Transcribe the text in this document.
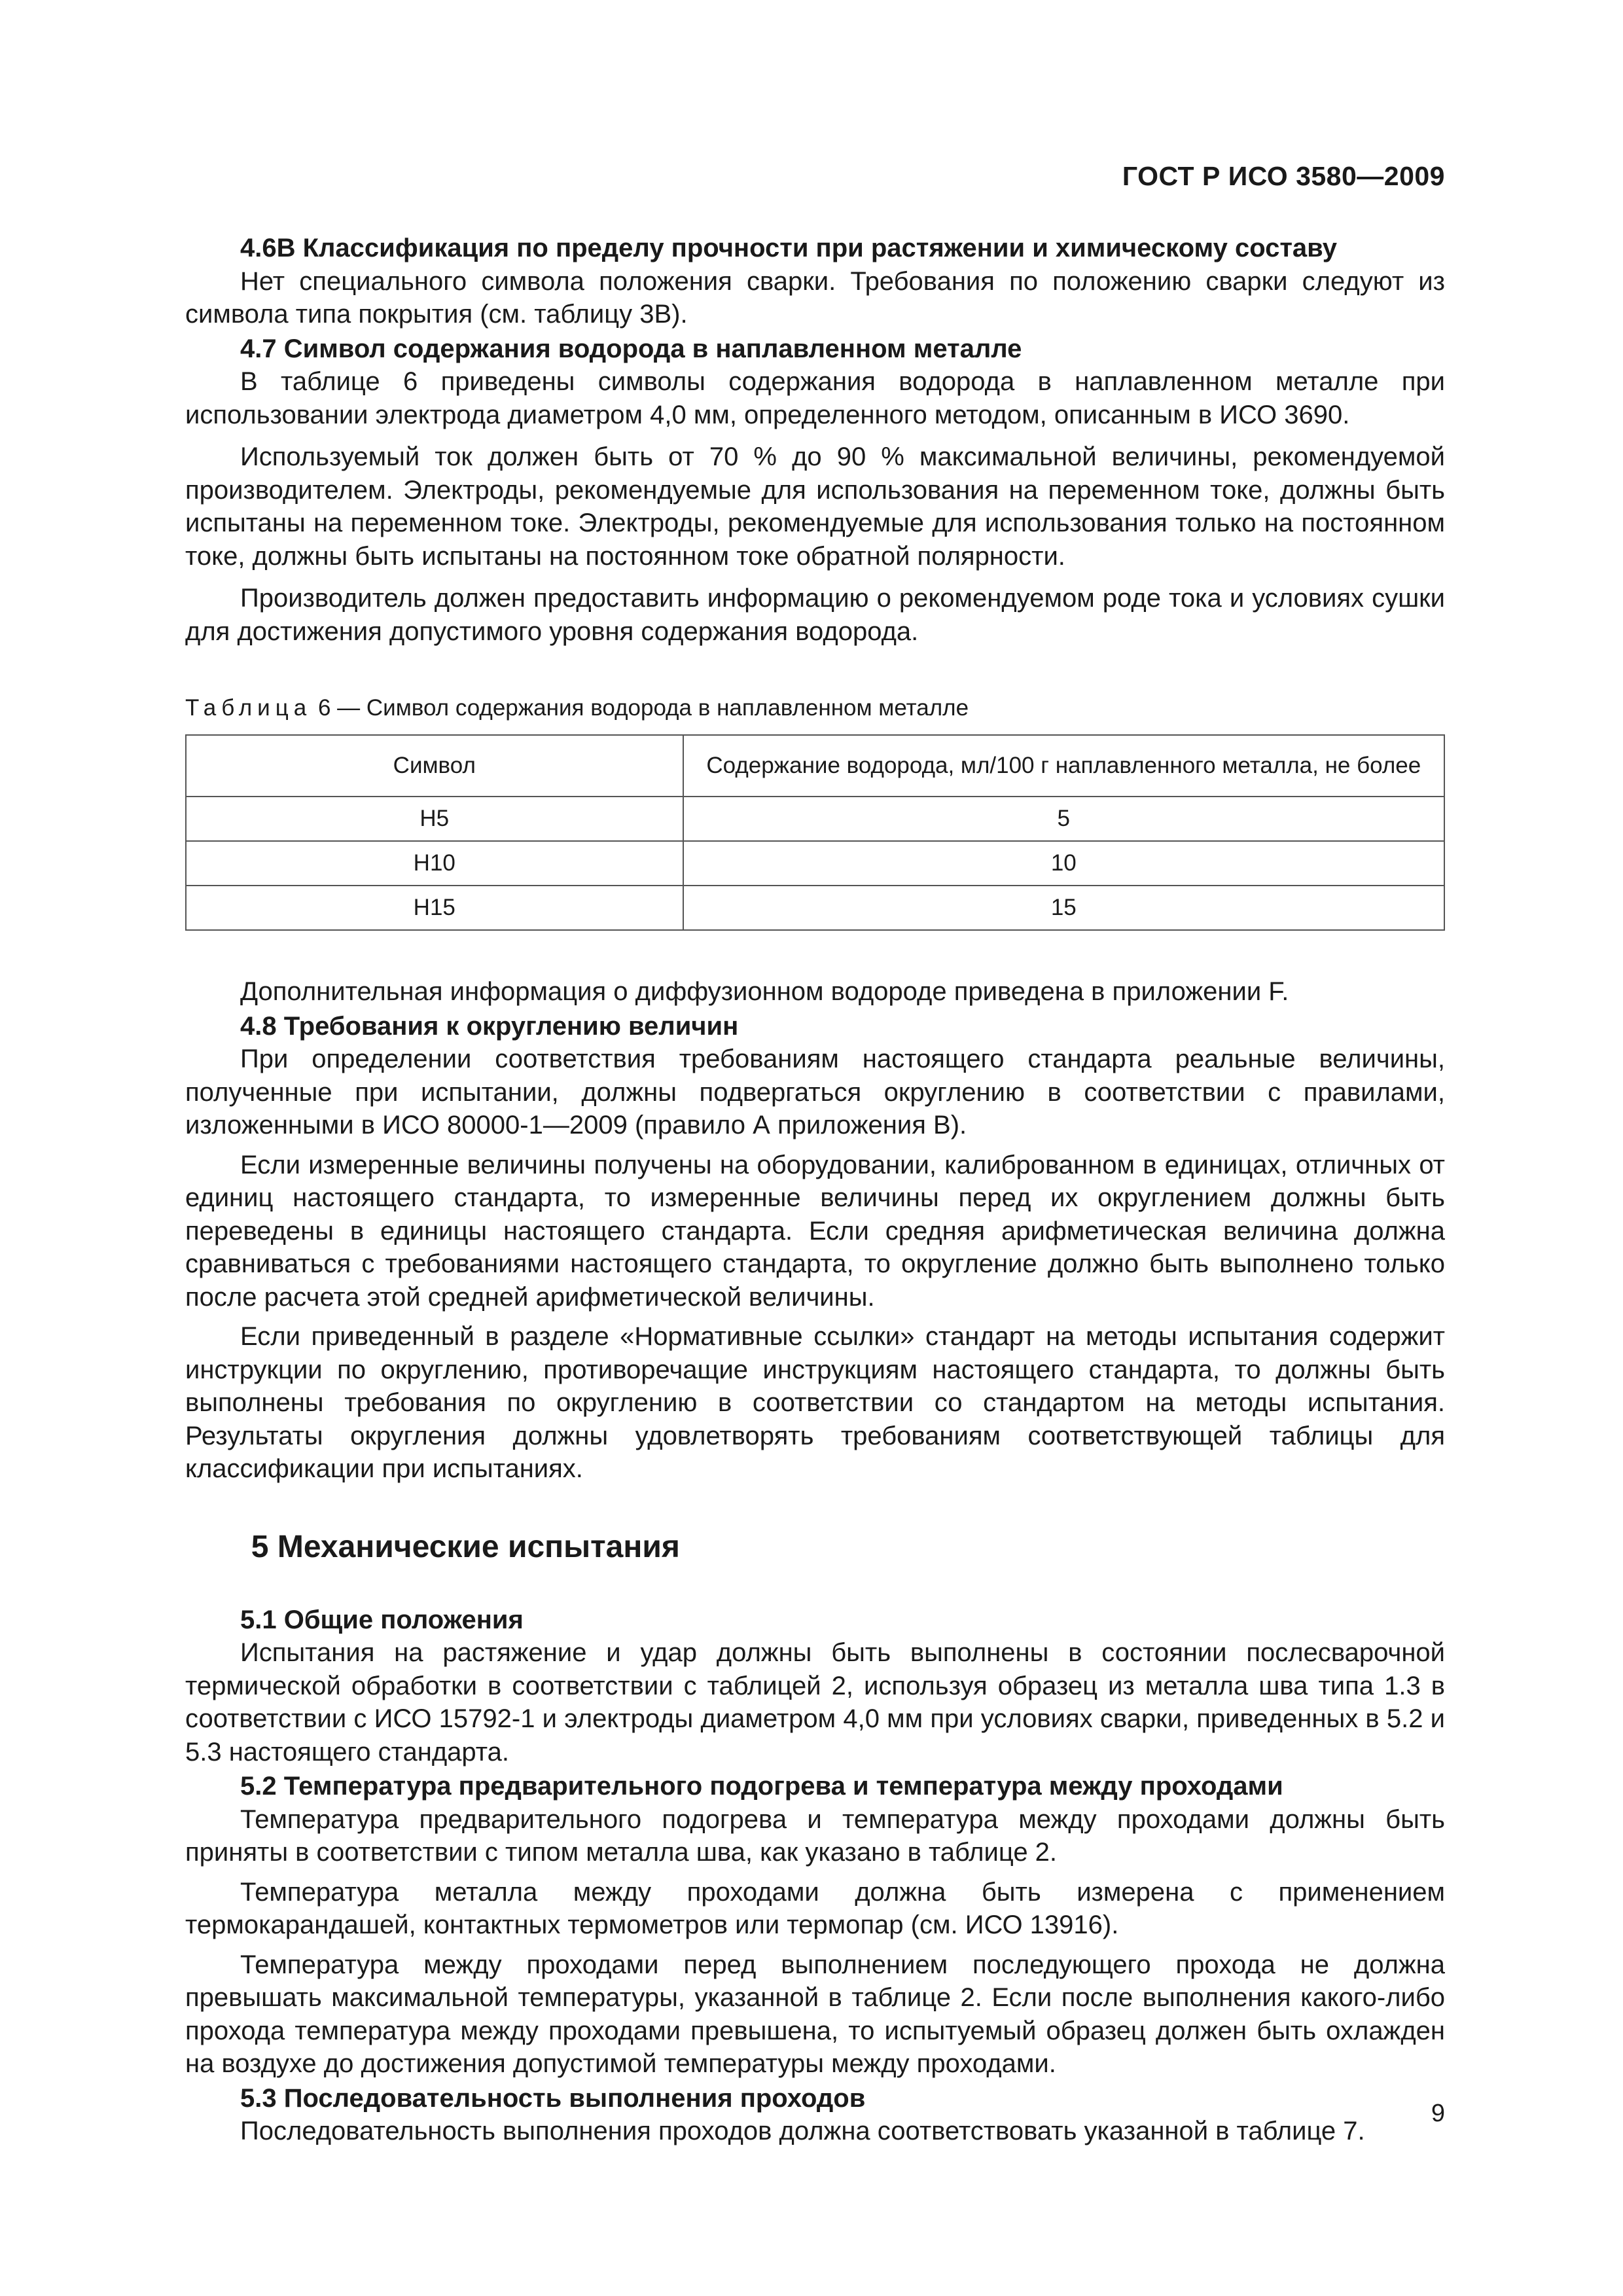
ГОСТ Р ИСО 3580—2009
4.6В Классификация по пределу прочности при растяжении и химическому составу

Нет специального символа положения сварки. Требования по положению сварки следуют из символа типа покрытия (см. таблицу 3В).

4.7 Символ содержания водорода в наплавленном металле

В таблице 6 приведены символы содержания водорода в наплавленном металле при использовании электрода диаметром 4,0 мм, определенного методом, описанным в ИСО 3690.

Используемый ток должен быть от 70 % до 90 % максимальной величины, рекомендуемой производителем. Электроды, рекомендуемые для использования на переменном токе, должны быть испытаны на переменном токе. Электроды, рекомендуемые для использования только на постоянном токе, должны быть испытаны на постоянном токе обратной полярности.

Производитель должен предоставить информацию о рекомендуемом роде тока и условиях сушки для достижения допустимого уровня содержания водорода.

Таблица 6 — Символ содержания водорода в наплавленном металле
Символ	Содержание водорода, мл/100 г наплавленного металла, не более
H5	5
H10	10
H15	15

Дополнительная информация о диффузионном водороде приведена в приложении F.

4.8 Требования к округлению величин

При определении соответствия требованиям настоящего стандарта реальные величины, полученные при испытании, должны подвергаться округлению в соответствии с правилами, изложенными в ИСО 80000-1—2009 (правило А приложения В).

Если измеренные величины получены на оборудовании, калиброванном в единицах, отличных от единиц настоящего стандарта, то измеренные величины перед их округлением должны быть переведены в единицы настоящего стандарта. Если средняя арифметическая величина должна сравниваться с требованиями настоящего стандарта, то округление должно быть выполнено только после расчета этой средней арифметической величины.

Если приведенный в разделе «Нормативные ссылки» стандарт на методы испытания содержит инструкции по округлению, противоречащие инструкциям настоящего стандарта, то должны быть выполнены требования по округлению в соответствии со стандартом на методы испытания. Результаты округления должны удовлетворять требованиям соответствующей таблицы для классификации при испытаниях.

5 Механические испытания
5.1 Общие положения

Испытания на растяжение и удар должны быть выполнены в состоянии послесварочной термической обработки в соответствии с таблицей 2, используя образец из металла шва типа 1.3 в соответствии с ИСО 15792-1 и электроды диаметром 4,0 мм при условиях сварки, приведенных в 5.2 и 5.3 настоящего стандарта.

5.2 Температура предварительного подогрева и температура между проходами

Температура предварительного подогрева и температура между проходами должны быть приняты в соответствии с типом металла шва, как указано в таблице 2.

Температура металла между проходами должна быть измерена с применением термокарандашей, контактных термометров или термопар (см. ИСО 13916).

Температура между проходами перед выполнением последующего прохода не должна превышать максимальной температуры, указанной в таблице 2. Если после выполнения какого-либо прохода температура между проходами превышена, то испытуемый образец должен быть охлажден на воздухе до достижения допустимой температуры между проходами.

5.3 Последовательность выполнения проходов

Последовательность выполнения проходов должна соответствовать указанной в таблице 7.

9
